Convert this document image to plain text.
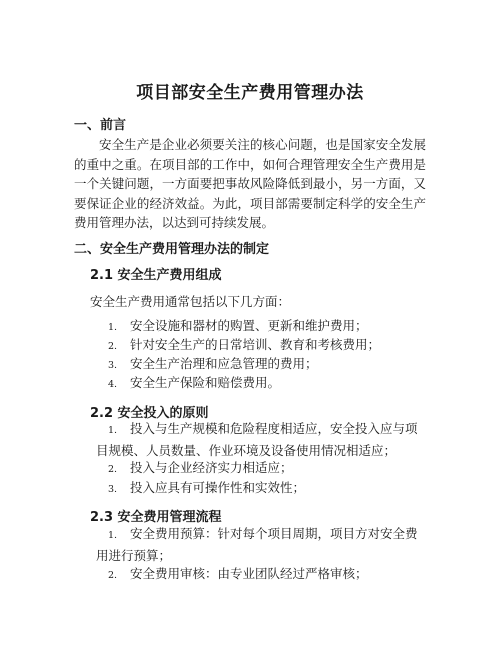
项目部安全生产费用管理办法
一、前言
安全生产是企业必须要关注的核心问题，也是国家安全发展的重中之重。在项目部的工作中，如何合理管理安全生产费用是一个关键问题，一方面要把事故风险降低到最小，另一方面，又要保证企业的经济效益。为此，项目部需要制定科学的安全生产费用管理办法，以达到可持续发展。
二、安全生产费用管理办法的制定
2.1 安全生产费用组成
安全生产费用通常包括以下几方面：
1. 安全设施和器材的购置、更新和维护费用；
2. 针对安全生产的日常培训、教育和考核费用；
3. 安全生产治理和应急管理的费用；
4. 安全生产保险和赔偿费用。
2.2 安全投入的原则
1. 投入与生产规模和危险程度相适应，安全投入应与项目规模、人员数量、作业环境及设备使用情况相适应；
2. 投入与企业经济实力相适应；
3. 投入应具有可操作性和实效性；
2.3 安全费用管理流程
1. 安全费用预算：针对每个项目周期，项目方对安全费用进行预算；
2. 安全费用审核：由专业团队经过严格审核；
